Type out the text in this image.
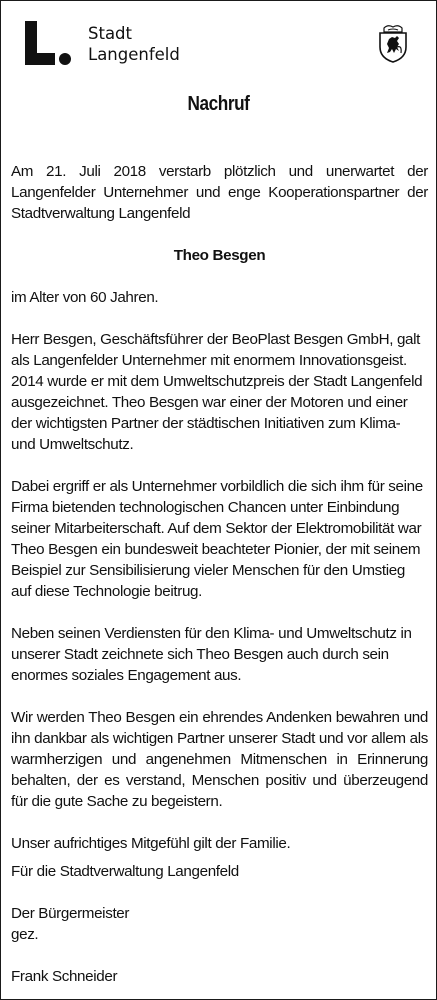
Stadt
Langenfeld
Nachruf

Am 21. Juli 2018 verstarb plötzlich und unerwartet der Langenfelder Unternehmer und enge Kooperationspartner der Stadtverwaltung Langenfeld

Theo Besgen

im Alter von 60 Jahren.

Herr Besgen, Geschäftsführer der BeoPlast Besgen GmbH, galt als Langenfelder Unternehmer mit enormem Innovationsgeist. 2014 wurde er mit dem Umweltschutzpreis der Stadt Langenfeld ausgezeichnet. Theo Besgen war einer der Motoren und einer der wichtigsten Partner der städtischen Initiativen zum Klima- und Umweltschutz.

Dabei ergriff er als Unternehmer vorbildlich die sich ihm für seine Firma bietenden technologischen Chancen unter Einbindung seiner Mitarbeiterschaft. Auf dem Sektor der Elektromobilität war Theo Besgen ein bundesweit beachteter Pionier, der mit seinem Beispiel zur Sensibilisierung vieler Menschen für den Umstieg auf diese Technologie beitrug.

Neben seinen Verdiensten für den Klima- und Umweltschutz in unserer Stadt zeichnete sich Theo Besgen auch durch sein enormes soziales Engagement aus.

Wir werden Theo Besgen ein ehrendes Andenken bewahren und ihn dankbar als wichtigen Partner unserer Stadt und vor allem als warmherzigen und angenehmen Mitmenschen in Erinnerung behalten, der es verstand, Menschen positiv und überzeugend für die gute Sache zu begeistern.

Unser aufrichtiges Mitgefühl gilt der Familie.

Für die Stadtverwaltung Langenfeld

Der Bürgermeister

gez.

Frank Schneider
